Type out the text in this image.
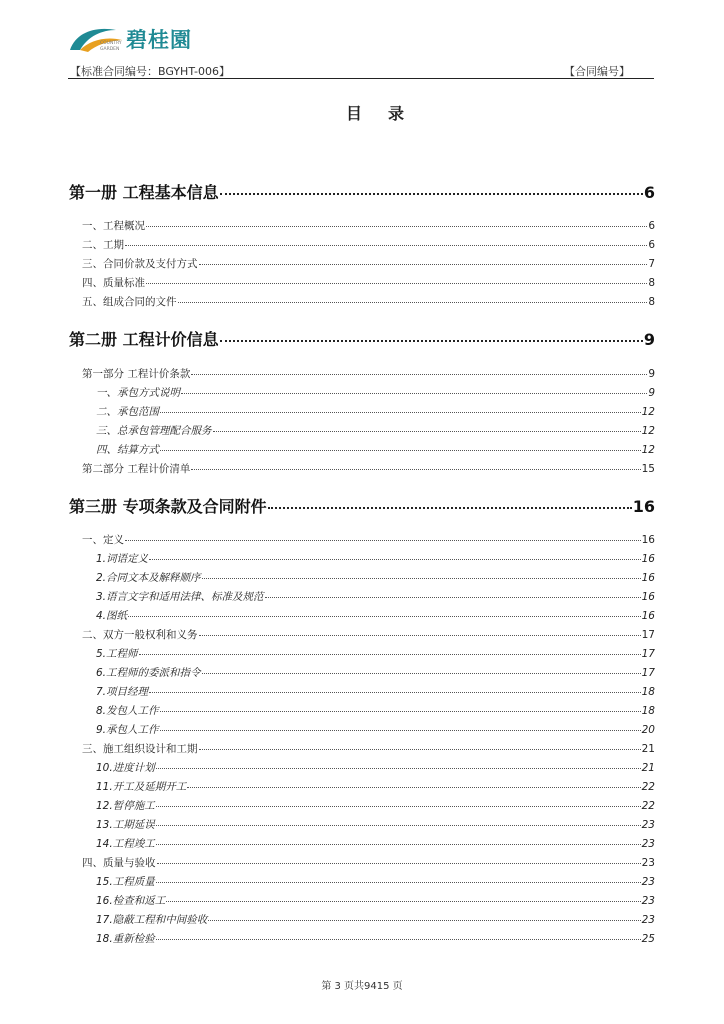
COUNTRY
GARDEN 碧桂園
【标准合同编号：BGYHT-006】	【合同编号】
目录
第一册 工程基本信息	6
一、工程概况	6
二、工期	6
三、合同价款及支付方式	7
四、质量标准	8
五、组成合同的文件	8
第二册 工程计价信息	9
第一部分 工程计价条款	9
一、承包方式说明	9
二、承包范围	12
三、总承包管理配合服务	12
四、结算方式	12
第二部分 工程计价清单	15
第三册 专项条款及合同附件	16
一、定义	16
1.词语定义	16
2.合同文本及解释顺序	16
3.语言文字和适用法律、标准及规范	16
4.图纸	16
二、双方一般权利和义务	17
5.工程师	17
6.工程师的委派和指令	17
7.项目经理	18
8.发包人工作	18
9.承包人工作	20
三、施工组织设计和工期	21
10.进度计划	21
11.开工及延期开工	22
12.暂停施工	22
13.工期延误	23
14.工程竣工	23
四、质量与验收	23
15.工程质量	23
16.检查和返工	23
17.隐蔽工程和中间验收	23
18.重新检验	25
第 3 页共9415 页
